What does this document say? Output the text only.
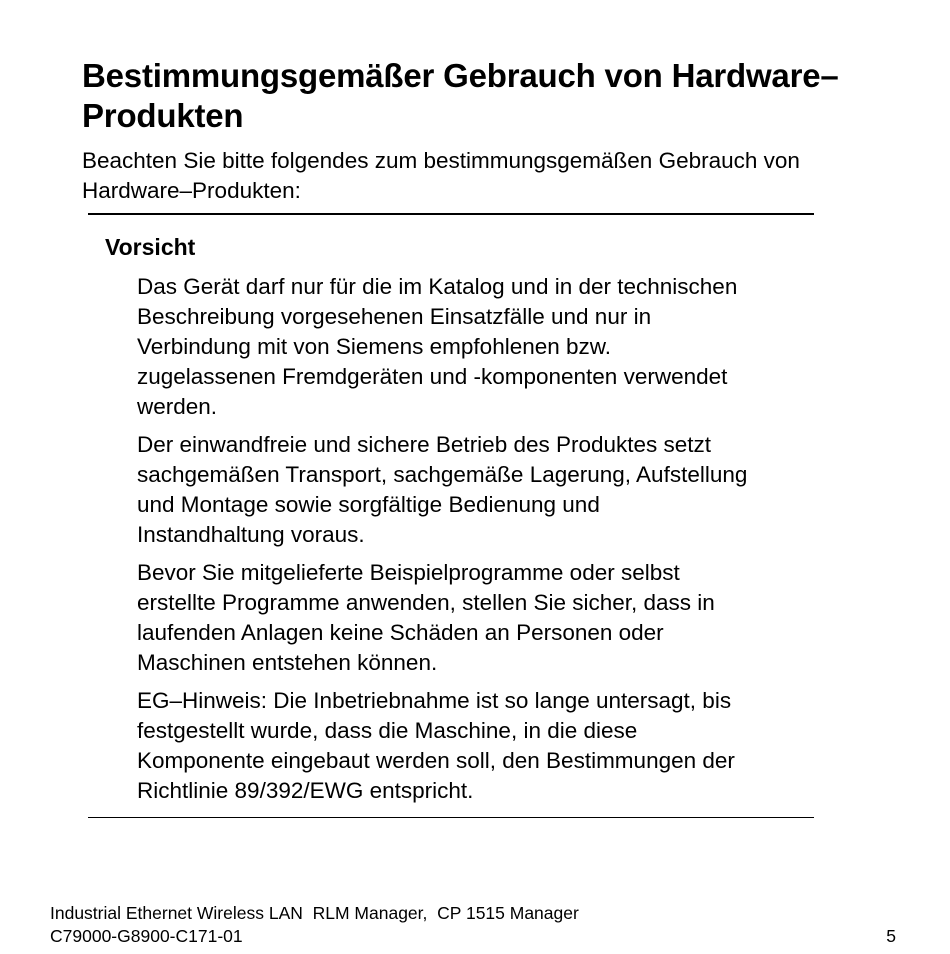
Bestimmungsgemäßer Gebrauch von Hardware–
Produkten

Beachten Sie bitte folgendes zum bestimmungsgemäßen Gebrauch von
Hardware–Produkten:

Vorsicht

Das Gerät darf nur für die im Katalog und in der technischen
Beschreibung vorgesehenen Einsatzfälle und nur in
Verbindung mit von Siemens empfohlenen bzw.
zugelassenen Fremdgeräten und -komponenten verwendet
werden.

Der einwandfreie und sichere Betrieb des Produktes setzt
sachgemäßen Transport, sachgemäße Lagerung, Aufstellung
und Montage sowie sorgfältige Bedienung und
Instandhaltung voraus.

Bevor Sie mitgelieferte Beispielprogramme oder selbst
erstellte Programme anwenden, stellen Sie sicher, dass in
laufenden Anlagen keine Schäden an Personen oder
Maschinen entstehen können.

EG–Hinweis: Die Inbetriebnahme ist so lange untersagt, bis
festgestellt wurde, dass die Maschine, in die diese
Komponente eingebaut werden soll, den Bestimmungen der
Richtlinie 89/392/EWG entspricht.

Industrial Ethernet Wireless LAN  RLM Manager,  CP 1515 Manager
C79000-G8900-C171-01	5
